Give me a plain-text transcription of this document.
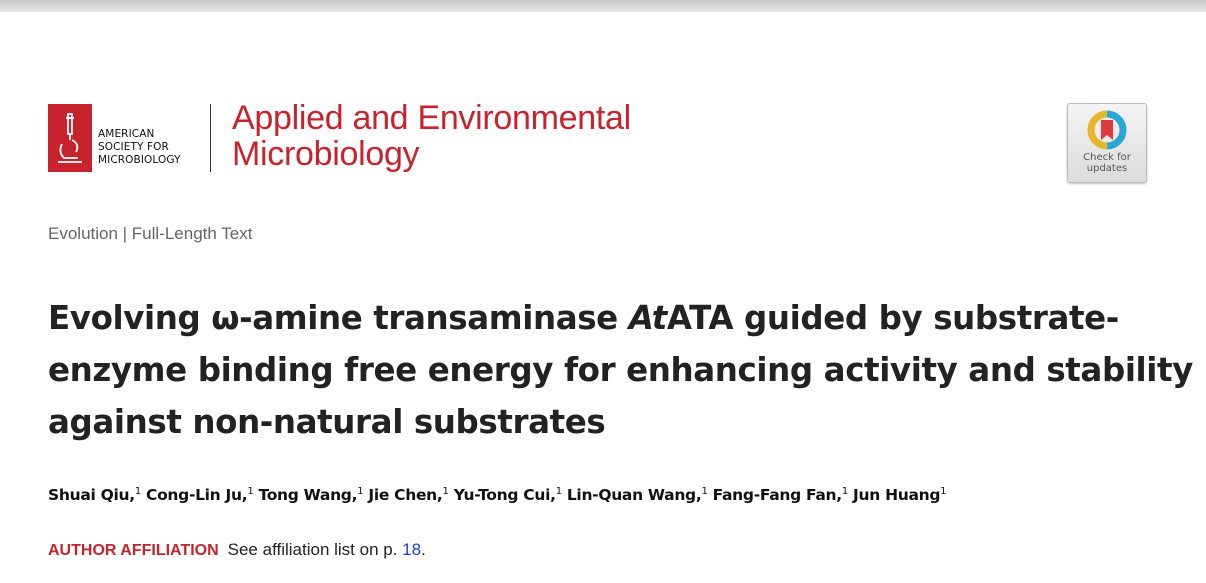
AMERICAN
SOCIETY FOR
MICROBIOLOGY
Applied and Environmental
Microbiology	Check for
updates
Evolution | Full-Length Text
Evolving ω-amine transaminase AtATA guided by substrate-
enzyme binding free energy for enhancing activity and stability
against non-natural substrates
Shuai Qiu,$^1$ Cong-Lin Ju,$^1$ Tong Wang,$^1$ Jie Chen,$^1$ Yu-Tong Cui,$^1$ Lin-Quan Wang,$^1$ Fang-Fang Fan,$^1$ Jun Huang$^1$
AUTHOR AFFILIATION See affiliation list on p. 18.
